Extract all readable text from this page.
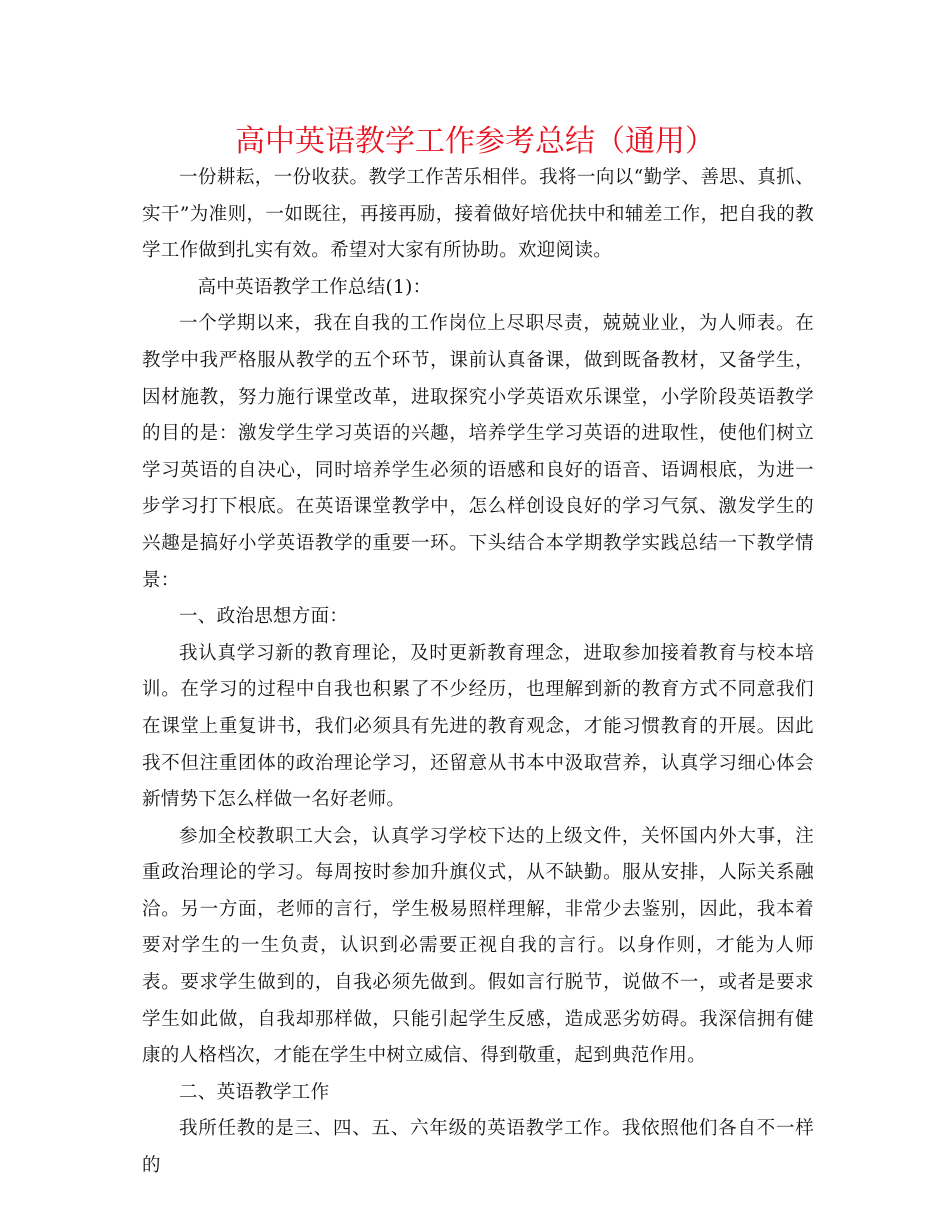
高中英语教学工作参考总结（通用）

一份耕耘，一份收获。教学工作苦乐相伴。我将一向以“勤学、善思、真抓、实干”为准则，一如既往，再接再励，接着做好培优扶中和辅差工作，把自我的教学工作做到扎实有效。希望对大家有所协助。欢迎阅读。

高中英语教学工作总结(1)：

一个学期以来，我在自我的工作岗位上尽职尽责，兢兢业业，为人师表。在教学中我严格服从教学的五个环节，课前认真备课，做到既备教材，又备学生，因材施教，努力施行课堂改革，进取探究小学英语欢乐课堂，小学阶段英语教学的目的是：激发学生学习英语的兴趣，培养学生学习英语的进取性，使他们树立学习英语的自决心，同时培养学生必须的语感和良好的语音、语调根底，为进一步学习打下根底。在英语课堂教学中，怎么样创设良好的学习气氛、激发学生的兴趣是搞好小学英语教学的重要一环。下头结合本学期教学实践总结一下教学情景：

一、政治思想方面：

我认真学习新的教育理论，及时更新教育理念，进取参加接着教育与校本培训。在学习的过程中自我也积累了不少经历，也理解到新的教育方式不同意我们在课堂上重复讲书，我们必须具有先进的教育观念，才能习惯教育的开展。因此我不但注重团体的政治理论学习，还留意从书本中汲取营养，认真学习细心体会新情势下怎么样做一名好老师。

参加全校教职工大会，认真学习学校下达的上级文件，关怀国内外大事，注重政治理论的学习。每周按时参加升旗仪式，从不缺勤。服从安排，人际关系融洽。另一方面，老师的言行，学生极易照样理解，非常少去鉴别，因此，我本着要对学生的一生负责，认识到必需要正视自我的言行。以身作则，才能为人师表。要求学生做到的，自我必须先做到。假如言行脱节，说做不一，或者是要求学生如此做，自我却那样做，只能引起学生反感，造成恶劣妨碍。我深信拥有健康的人格档次，才能在学生中树立威信、得到敬重，起到典范作用。

二、英语教学工作

我所任教的是三、四、五、六年级的英语教学工作。我依照他们各自不一样的
